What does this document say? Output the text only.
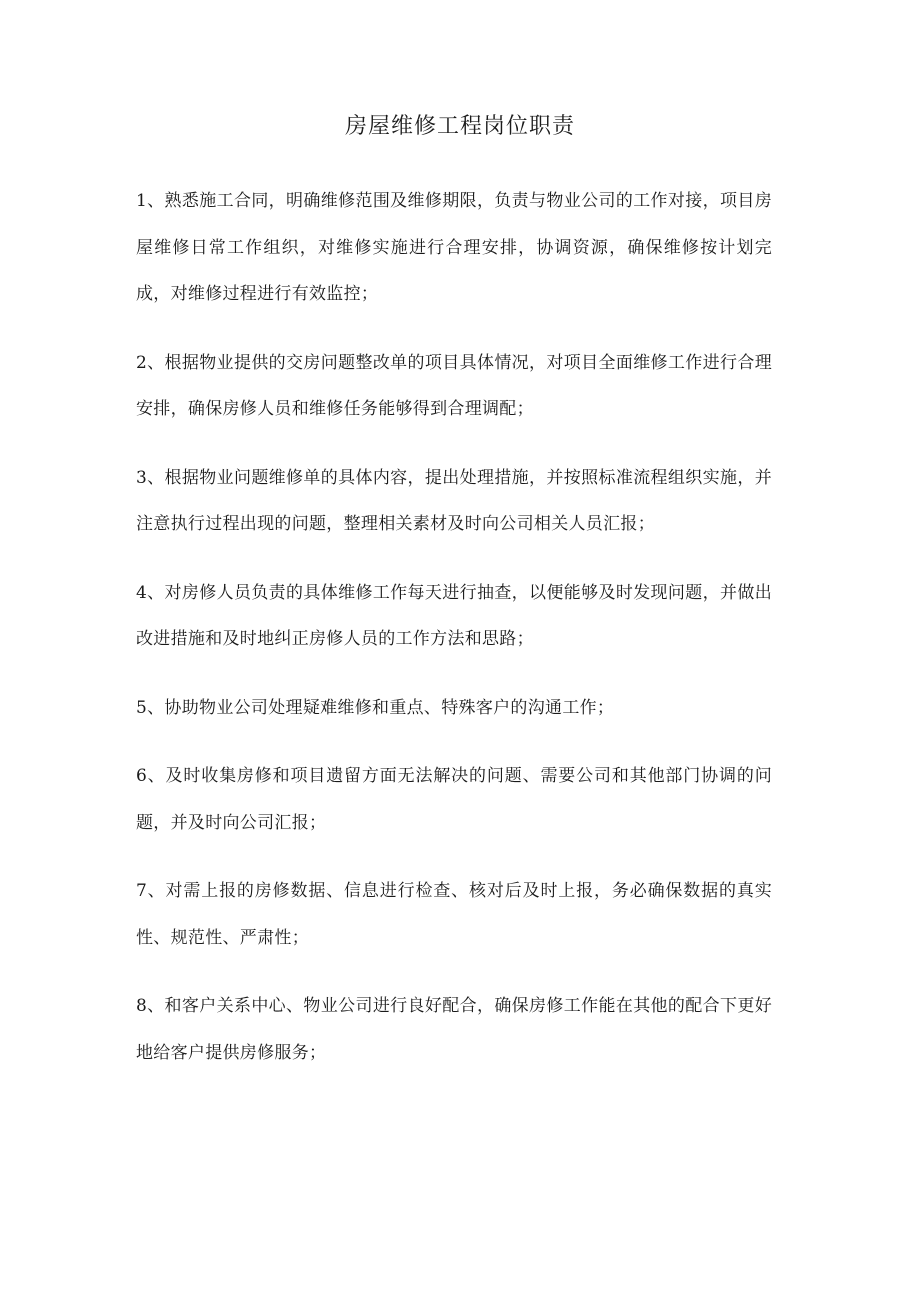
房屋维修工程岗位职责
1、熟悉施工合同，明确维修范围及维修期限，负责与物业公司的工作对接，项目房屋维修日常工作组织，对维修实施进行合理安排，协调资源，确保维修按计划完成，对维修过程进行有效监控；
2、根据物业提供的交房问题整改单的项目具体情况，对项目全面维修工作进行合理安排，确保房修人员和维修任务能够得到合理调配；
3、根据物业问题维修单的具体内容，提出处理措施，并按照标准流程组织实施，并注意执行过程出现的问题，整理相关素材及时向公司相关人员汇报；
4、对房修人员负责的具体维修工作每天进行抽查，以便能够及时发现问题，并做出改进措施和及时地纠正房修人员的工作方法和思路；
5、协助物业公司处理疑难维修和重点、特殊客户的沟通工作；
6、及时收集房修和项目遗留方面无法解决的问题、需要公司和其他部门协调的问题，并及时向公司汇报；
7、对需上报的房修数据、信息进行检查、核对后及时上报，务必确保数据的真实性、规范性、严肃性；
8、和客户关系中心、物业公司进行良好配合，确保房修工作能在其他的配合下更好地给客户提供房修服务；
